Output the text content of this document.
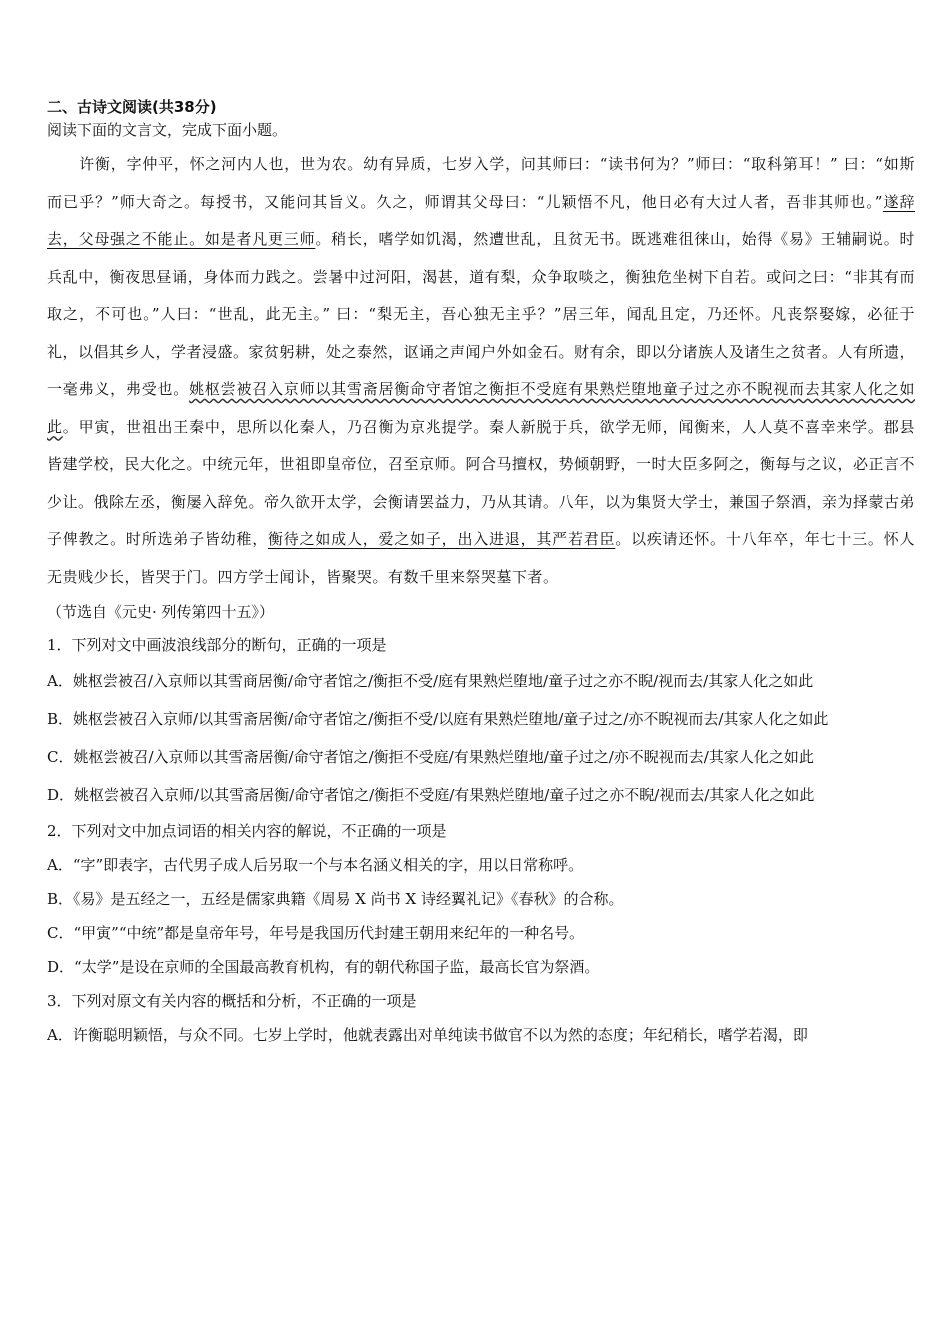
二、古诗文阅读(共38分)
阅读下面的文言文，完成下面小题。
许衡，字仲平，怀之河内人也，世为农。幼有异质，七岁入学，问其师曰：“读书何为？”师曰：“取科第耳！” 曰：“如斯而已乎？”师大奇之。每授书，又能问其旨义。久之，师谓其父母曰：“儿颖悟不凡，他日必有大过人者，吾非其师也。”遂辞去，父母强之不能止。如是者凡更三师。稍长，嗜学如饥渴，然遭世乱，且贫无书。既逃难徂徕山，始得《易》王辅嗣说。时兵乱中，衡夜思昼诵，身体而力践之。尝暑中过河阳，渴甚，道有梨，众争取啖之，衡独危坐树下自若。或问之曰：“非其有而取之，不可也。”人曰：“世乱，此无主。” 曰：“梨无主，吾心独无主乎？”居三年，闻乱且定，乃还怀。凡丧祭娶嫁，必征于礼，以倡其乡人，学者浸盛。家贫躬耕，处之泰然，讴诵之声闻户外如金石。财有余，即以分诸族人及诸生之贫者。人有所遗，一毫弗义，弗受也。姚枢尝被召入京师以其雪斋居衡命守者馆之衡拒不受庭有果熟烂堕地童子过之亦不睨视而去其家人化之如此。甲寅，世祖出王秦中，思所以化秦人，乃召衡为京兆提学。秦人新脱于兵，欲学无师，闻衡来，人人莫不喜幸来学。郡县皆建学校，民大化之。中统元年，世祖即皇帝位，召至京师。阿合马擅权，势倾朝野，一时大臣多阿之，衡每与之议，必正言不少让。俄除左丞，衡屡入辞免。帝久欲开太学，会衡请罢益力，乃从其请。八年，以为集贤大学士，兼国子祭酒，亲为择蒙古弟子俾教之。时所选弟子皆幼稚，衡待之如成人，爱之如子，出入进退，其严若君臣。以疾请还怀。十八年卒，年七十三。怀人无贵贱少长，皆哭于门。四方学士闻讣，皆聚哭。有数千里来祭哭墓下者。
（节选自《元史· 列传第四十五》）
1．下列对文中画波浪线部分的断句，正确的一项是
A．姚枢尝被召/入京师以其雪商居衡/命守者馆之/衡拒不受/庭有果熟烂堕地/童子过之亦不睨/视而去/其家人化之如此
B．姚枢尝被召入京师/以其雪斋居衡/命守者馆之/衡拒不受/以庭有果熟烂堕地/童子过之/亦不睨视而去/其家人化之如此
C．姚枢尝被召/入京师以其雪斋居衡/命守者馆之/衡拒不受庭/有果熟烂堕地/童子过之/亦不睨视而去/其家人化之如此
D．姚枢尝被召入京师/以其雪斋居衡/命守者馆之/衡拒不受庭/有果熟烂堕地/童子过之亦不睨/视而去/其家人化之如此
2．下列对文中加点词语的相关内容的解说，不正确的一项是
A．“字”即表字，古代男子成人后另取一个与本名涵义相关的字，用以日常称呼。
B．《易》是五经之一，五经是儒家典籍《周易 X 尚书 X 诗经翼礼记》《春秋》的合称。
C．“甲寅”“中统”都是皇帝年号，年号是我国历代封建王朝用来纪年的一种名号。
D．“太学”是设在京师的全国最高教育机构，有的朝代称国子监，最高长官为祭酒。
3．下列对原文有关内容的概括和分析，不正确的一项是
A．许衡聪明颖悟，与众不同。七岁上学时，他就表露出对单纯读书做官不以为然的态度；年纪稍长，嗜学若渴，即
